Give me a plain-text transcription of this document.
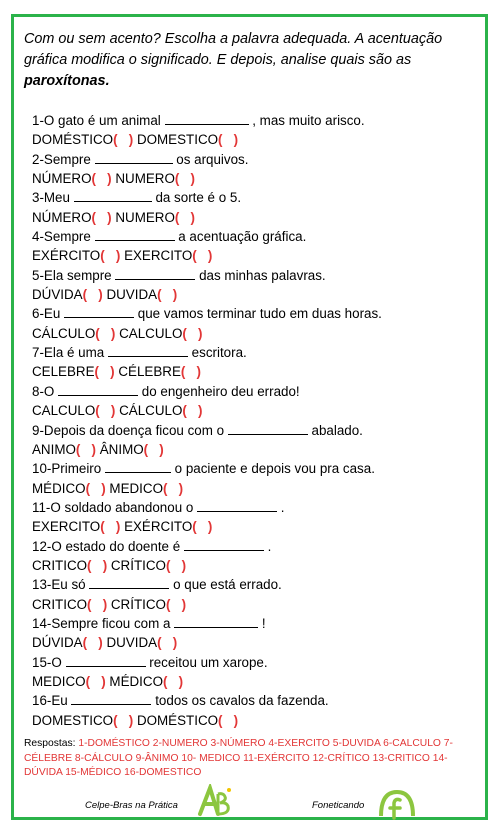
Com ou sem acento? Escolha a palavra adequada. A acentuação gráfica modifica o significado. E depois, analise quais são as paroxítonas.
1-O gato é um animal	, mas muito arisco.
DOMÉSTICO( ) DOMESTICO( )
2-Sempre	os arquivos.
NÚMERO( ) NUMERO( )
3-Meu	da sorte é o 5.
NÚMERO( ) NUMERO( )
4-Sempre	a acentuação gráfica.
EXÉRCITO( ) EXERCITO( )
5-Ela sempre	das minhas palavras.
DÚVIDA( ) DUVIDA( )
6-Eu	que vamos terminar tudo em duas horas.
CÁLCULO( ) CALCULO( )
7-Ela é uma	escritora.
CELEBRE( ) CÉLEBRE( )
8-O	do engenheiro deu errado!
CALCULO( ) CÁLCULO( )
9-Depois da doença ficou com o	abalado.
ANIMO( ) ÂNIMO( )
10-Primeiro	o paciente e depois vou pra casa.
MÉDICO( ) MEDICO( )
11-O soldado abandonou o	.
EXERCITO( ) EXÉRCITO( )
12-O estado do doente é	.
CRITICO( ) CRÍTICO( )
13-Eu só	o que está errado.
CRITICO( ) CRÍTICO( )
14-Sempre ficou com a	!
DÚVIDA( ) DUVIDA( )
15-O	receitou um xarope.
MEDICO( ) MÉDICO( )
16-Eu	todos os cavalos da fazenda.
DOMESTICO( ) DOMÉSTICO( )
Respostas: 1-DOMÉSTICO 2-NUMERO 3-NÚMERO 4-EXERCITO 5-DUVIDA 6-CALCULO 7-CÉLEBRE 8-CÁLCULO 9-ÂNIMO 10- MEDICO 11-EXÉRCITO 12-CRÍTICO 13-CRITICO 14-DÚVIDA 15-MÉDICO 16-DOMESTICO
Celpe-Bras na Prática	Foneticando
